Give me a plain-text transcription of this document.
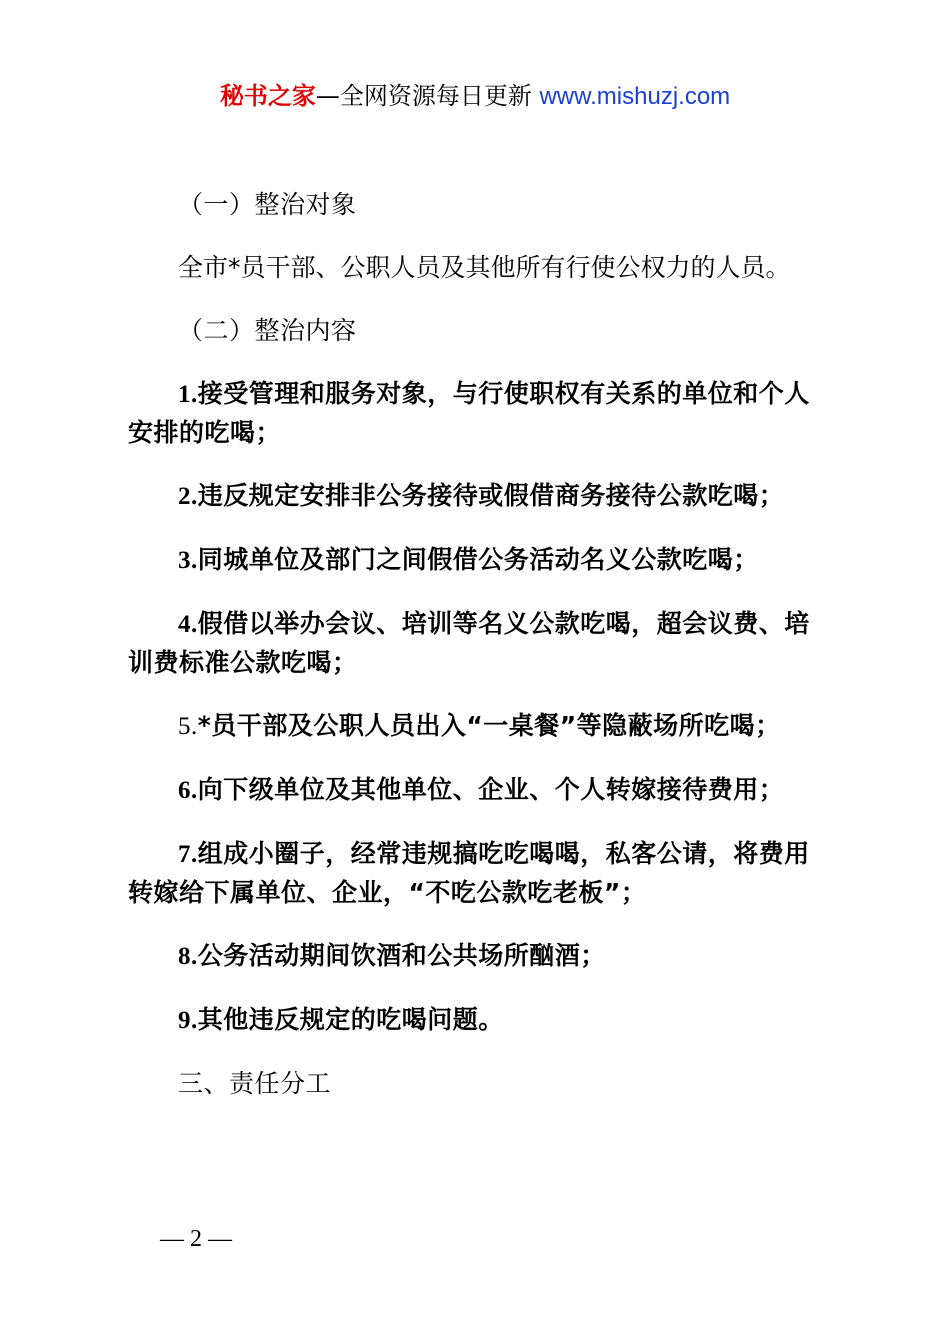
秘书之家—全网资源每日更新 www.mishuzj.com

（一）整治对象

全市*员干部、公职人员及其他所有行使公权力的人员。

（二）整治内容

1.接受管理和服务对象，与行使职权有关系的单位和个人安排的吃喝；

2.违反规定安排非公务接待或假借商务接待公款吃喝；

3.同城单位及部门之间假借公务活动名义公款吃喝；

4.假借以举办会议、培训等名义公款吃喝，超会议费、培训费标准公款吃喝；

5.*员干部及公职人员出入“一桌餐”等隐蔽场所吃喝；

6.向下级单位及其他单位、企业、个人转嫁接待费用；

7.组成小圈子，经常违规搞吃吃喝喝，私客公请，将费用转嫁给下属单位、企业，“不吃公款吃老板”；

8.公务活动期间饮酒和公共场所酗酒；

9.其他违反规定的吃喝问题。

三、责任分工

— 2 —
